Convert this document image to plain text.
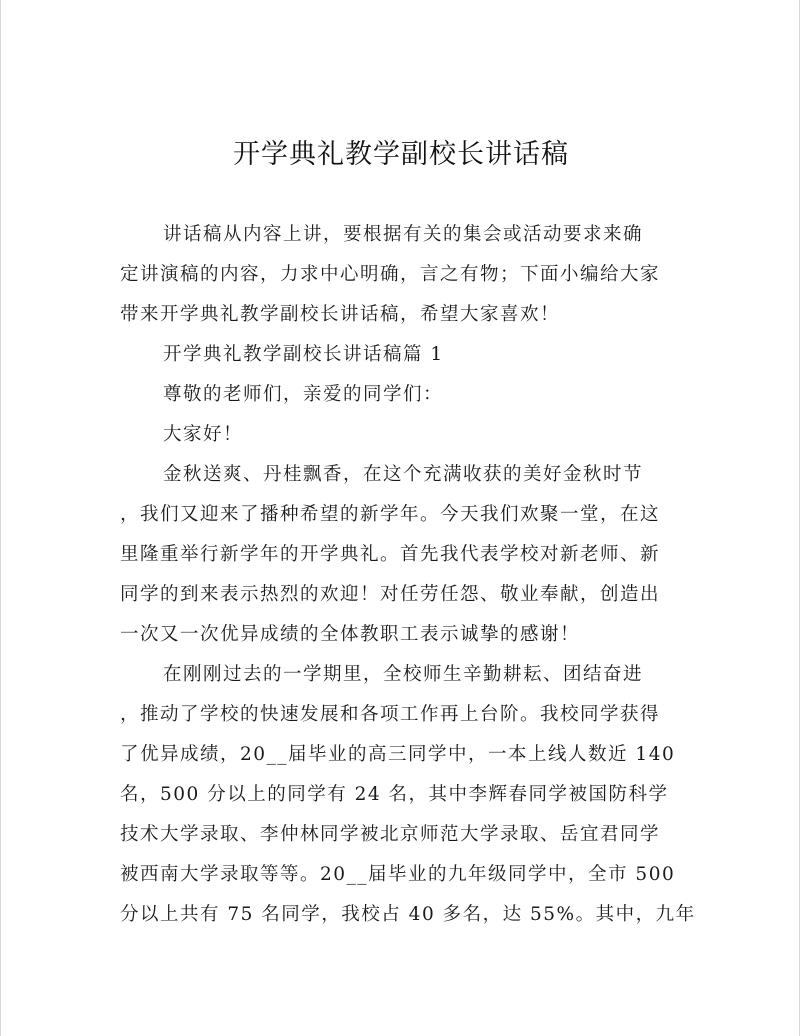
开学典礼教学副校长讲话稿
讲话稿从内容上讲，要根据有关的集会或活动要求来确
定讲演稿的内容，力求中心明确，言之有物；下面小编给大家
带来开学典礼教学副校长讲话稿，希望大家喜欢！
开学典礼教学副校长讲话稿篇 1
尊敬的老师们，亲爱的同学们：
大家好！
金秋送爽、丹桂飘香，在这个充满收获的美好金秋时节
，我们又迎来了播种希望的新学年。今天我们欢聚一堂，在这
里隆重举行新学年的开学典礼。首先我代表学校对新老师、新
同学的到来表示热烈的欢迎！对任劳任怨、敬业奉献，创造出
一次又一次优异成绩的全体教职工表示诚挚的感谢！
在刚刚过去的一学期里，全校师生辛勤耕耘、团结奋进
，推动了学校的快速发展和各项工作再上台阶。我校同学获得
了优异成绩，20__届毕业的高三同学中，一本上线人数近 140
名，500 分以上的同学有 24 名，其中李辉春同学被国防科学
技术大学录取、李仲林同学被北京师范大学录取、岳宜君同学
被西南大学录取等等。20__届毕业的九年级同学中，全市 500
分以上共有 75 名同学，我校占 40 多名，达 55%。其中，九年
